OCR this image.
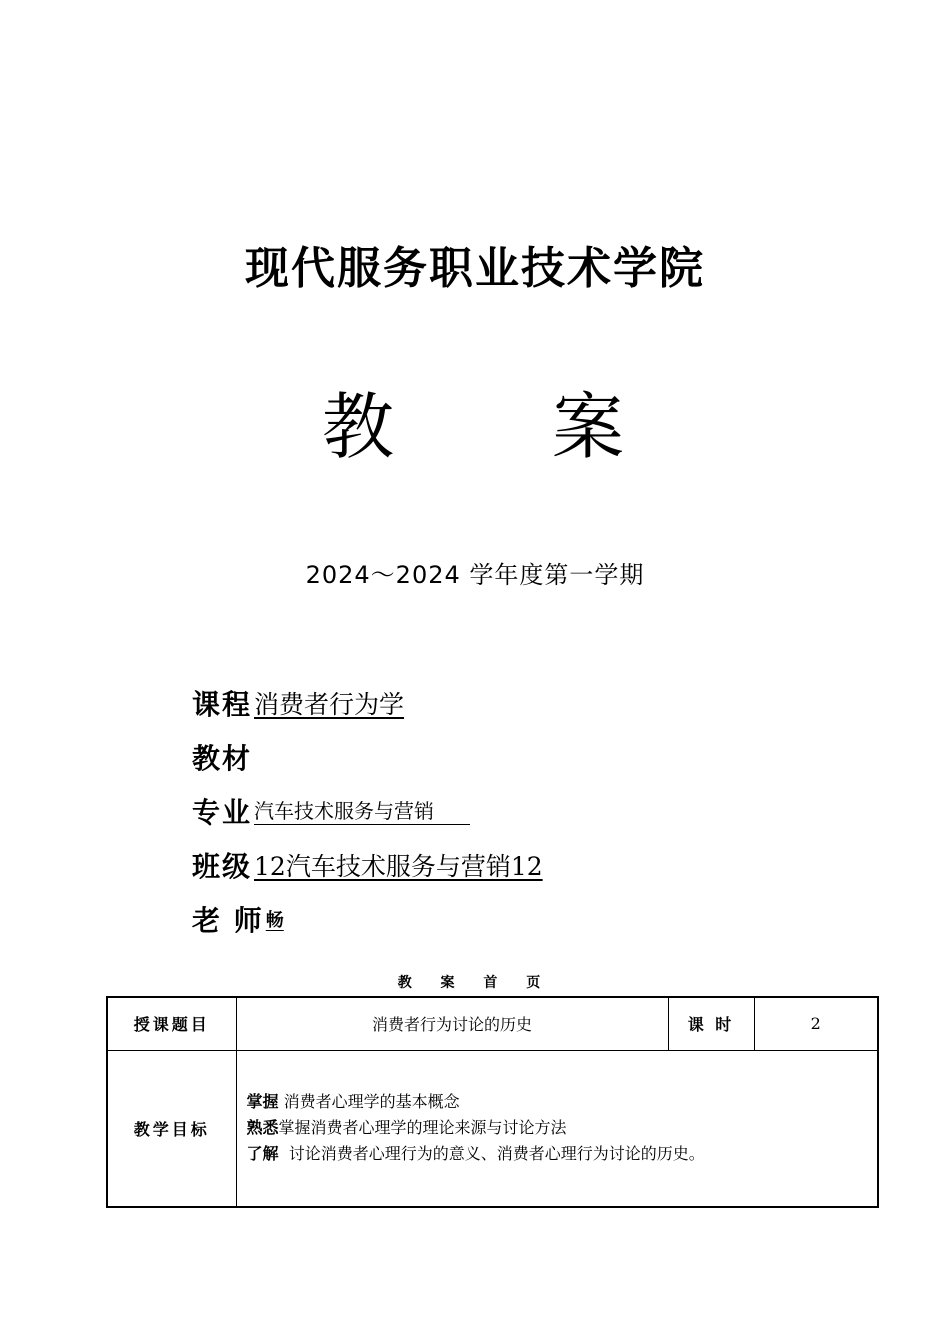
现代服务职业技术学院
教 案
2024～2024 学年度第一学期
课程 消费者行为学
教材
专业 汽车技术服务与营销
班级 12汽车技术服务与营销12
老 师 畅
教 案 首 页
授课题目	消费者行为讨论的历史	课 时	2
教学目标	掌握 消费者心理学的基本概念
熟悉掌握消费者心理学的理论来源与讨论方法
了解  讨论消费者心理行为的意义、消费者心理行为讨论的历史。		
